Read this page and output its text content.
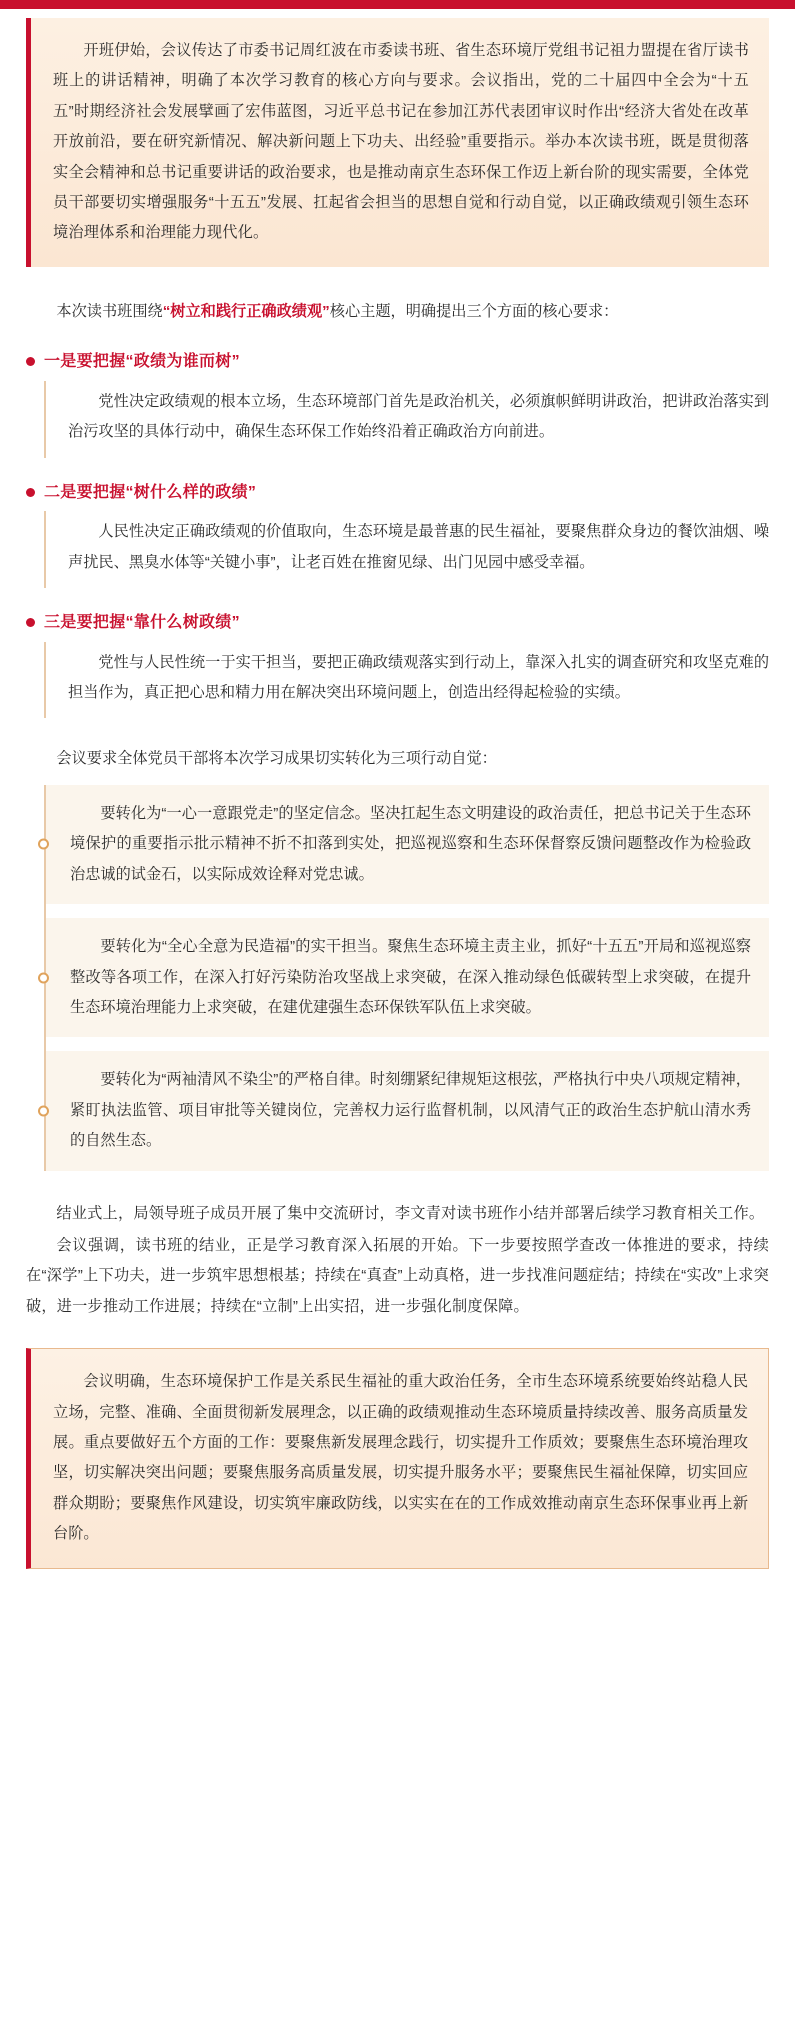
开班伊始，会议传达了市委书记周红波在市委读书班、省生态环境厅党组书记祖力盟提在省厅读书班上的讲话精神，明确了本次学习教育的核心方向与要求。会议指出，党的二十届四中全会为“十五五”时期经济社会发展擘画了宏伟蓝图，习近平总书记在参加江苏代表团审议时作出“经济大省处在改革开放前沿，要在研究新情况、解决新问题上下功夫、出经验”重要指示。举办本次读书班，既是贯彻落实全会精神和总书记重要讲话的政治要求，也是推动南京生态环保工作迈上新台阶的现实需要，全体党员干部要切实增强服务“十五五”发展、扛起省会担当的思想自觉和行动自觉，以正确政绩观引领生态环境治理体系和治理能力现代化。

本次读书班围绕“树立和践行正确政绩观”核心主题，明确提出三个方面的核心要求：

一是要把握“政绩为谁而树”

党性决定政绩观的根本立场，生态环境部门首先是政治机关，必须旗帜鲜明讲政治，把讲政治落实到治污攻坚的具体行动中，确保生态环保工作始终沿着正确政治方向前进。

二是要把握“树什么样的政绩”

人民性决定正确政绩观的价值取向，生态环境是最普惠的民生福祉，要聚焦群众身边的餐饮油烟、噪声扰民、黑臭水体等“关键小事”，让老百姓在推窗见绿、出门见园中感受幸福。

三是要把握“靠什么树政绩”

党性与人民性统一于实干担当，要把正确政绩观落实到行动上，靠深入扎实的调查研究和攻坚克难的担当作为，真正把心思和精力用在解决突出环境问题上，创造出经得起检验的实绩。

会议要求全体党员干部将本次学习成果切实转化为三项行动自觉：

要转化为“一心一意跟党走”的坚定信念。坚决扛起生态文明建设的政治责任，把总书记关于生态环境保护的重要指示批示精神不折不扣落到实处，把巡视巡察和生态环保督察反馈问题整改作为检验政治忠诚的试金石，以实际成效诠释对党忠诚。

要转化为“全心全意为民造福”的实干担当。聚焦生态环境主责主业，抓好“十五五”开局和巡视巡察整改等各项工作，在深入打好污染防治攻坚战上求突破，在深入推动绿色低碳转型上求突破，在提升生态环境治理能力上求突破，在建优建强生态环保铁军队伍上求突破。

要转化为“两袖清风不染尘”的严格自律。时刻绷紧纪律规矩这根弦，严格执行中央八项规定精神，紧盯执法监管、项目审批等关键岗位，完善权力运行监督机制，以风清气正的政治生态护航山清水秀的自然生态。

结业式上，局领导班子成员开展了集中交流研讨，李文青对读书班作小结并部署后续学习教育相关工作。

会议强调，读书班的结业，正是学习教育深入拓展的开始。下一步要按照学查改一体推进的要求，持续在“深学”上下功夫，进一步筑牢思想根基；持续在“真查”上动真格，进一步找准问题症结；持续在“实改”上求突破，进一步推动工作进展；持续在“立制”上出实招，进一步强化制度保障。

会议明确，生态环境保护工作是关系民生福祉的重大政治任务，全市生态环境系统要始终站稳人民立场，完整、准确、全面贯彻新发展理念，以正确的政绩观推动生态环境质量持续改善、服务高质量发展。重点要做好五个方面的工作：要聚焦新发展理念践行，切实提升工作质效；要聚焦生态环境治理攻坚，切实解决突出问题；要聚焦服务高质量发展，切实提升服务水平；要聚焦民生福祉保障，切实回应群众期盼；要聚焦作风建设，切实筑牢廉政防线，以实实在在的工作成效推动南京生态环保事业再上新台阶。
